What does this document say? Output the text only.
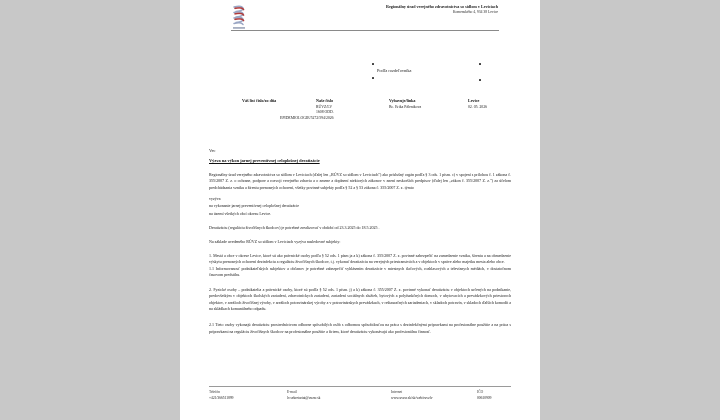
Regionálny úrad verejného zdravotníctva so sídlom v Leviciach
Komenského 4, 934 38 Levice
Podľa rozdeľovníka
Váš list číslo/zo dňa	Naše číslo
RÚVZ/LV
1608 ODD.
EPIDEMIOLOGIE/5272/594/2026
Vybavuje/linka
Bc. Erika Pálenikova
Levice
02. 05. 2026
Vec
Výzva na výkon jarnej preventívnej celoplošnej deratizácie

Regionálny úrad verejného zdravotníctva so sídlom v Leviciach (ďalej len „RÚVZ so sídlom v Leviciach") ako príslušný orgán podľa § 3 ods. 1 písm. c) v spojení s prílohou č. 1 zákona č. 355/2007 Z. z. o ochrane, podpore a rozvoji verejného zdravia a o zmene a doplnení niektorých zákonov v znení neskorších predpisov (ďalej len „zákon č. 355/2007 Z. z.") za účelom predchádzania vzniku a šíreniu prenosných ochorení, všetky povinné subjekty podľa § 52 a § 53 zákona č. 355/2007 Z. z. týmto

vyzýva

na vykonanie jarnej preventívnej celoplošnej deratizácie

na území všetkých obcí okresu Levice.

Deratizáciu (reguláciu živočíšnych škodcov) je potrebné zrealizovať v období od 23.3.2025 do 18.5.2025 .

Na základe uvedeného RÚVZ so sídlom v Leviciach vyzýva nasledovné subjekty:

1. Mestá a obce v okrese Levice, ktoré sú ako právnické osoby podľa § 52 ods. 1 písm ja a k) zákona č. 355/2007 Z. z. povinné zabezpečiť na zamedzenie vzniku, šíreniu a na obmedzenie výskytu prenosných ochorení dezinfekciu a reguláciu živočíšnych škodcov, t.j. vykonať deratizáciu na verejných priestranstvách a v objektoch v správe alebo majetku mesta alebo obce.

1.1 Informovanosť podnikateľských subjektov a občanov je potrebné zabezpečiť vyhlásením deratizácie v miestnych tlačových, rozhlasových a televíznych médiách, v dostatočnom časovom predstihu.

2. Fyzické osoby – podnikatelia a právnické osoby, ktoré sú podľa § 52 ods. 1 písm. j) a k) zákona č. 355/2007 Z. z. povinné vykonať deratizáciu v objektoch určených na podnikanie, predovšetkým v objektoch školských zariadení, zdravotníckych zariadení, zariadení sociálnych služieb, bytových a polyfunkčných domoch, v ubytovacích a prevádzkových priestoroch objektov, v areáloch živočíšnej výroby, v areáloch potravinárskej výroby a v potravinárskych prevádzkach, v reštauračných zariadeniach, v skladoch potravín, v skladoch ďalších komodít a na skládkach komunálneho odpadu.

2.1 Tieto osoby vykonajú deratizáciu prostredníctvom odborne spôsobilých osôb s odbornou spôsobilosťou na práca s dezinfekčnými prípravkami na profesionálne použitie a na práca s prípravkami na reguláciu živočíšnych škodcov na profesionálne použitie a firiem, ktoré deratizáciu vykonávajú ako profesionálnu činnosť.

Telefón
+421/366511899
E-mail
lv.sekretariat@uvzsr.sk
Internet
www.uvzsr.sk/sk/web/ruvzlv
IČO
00610909
